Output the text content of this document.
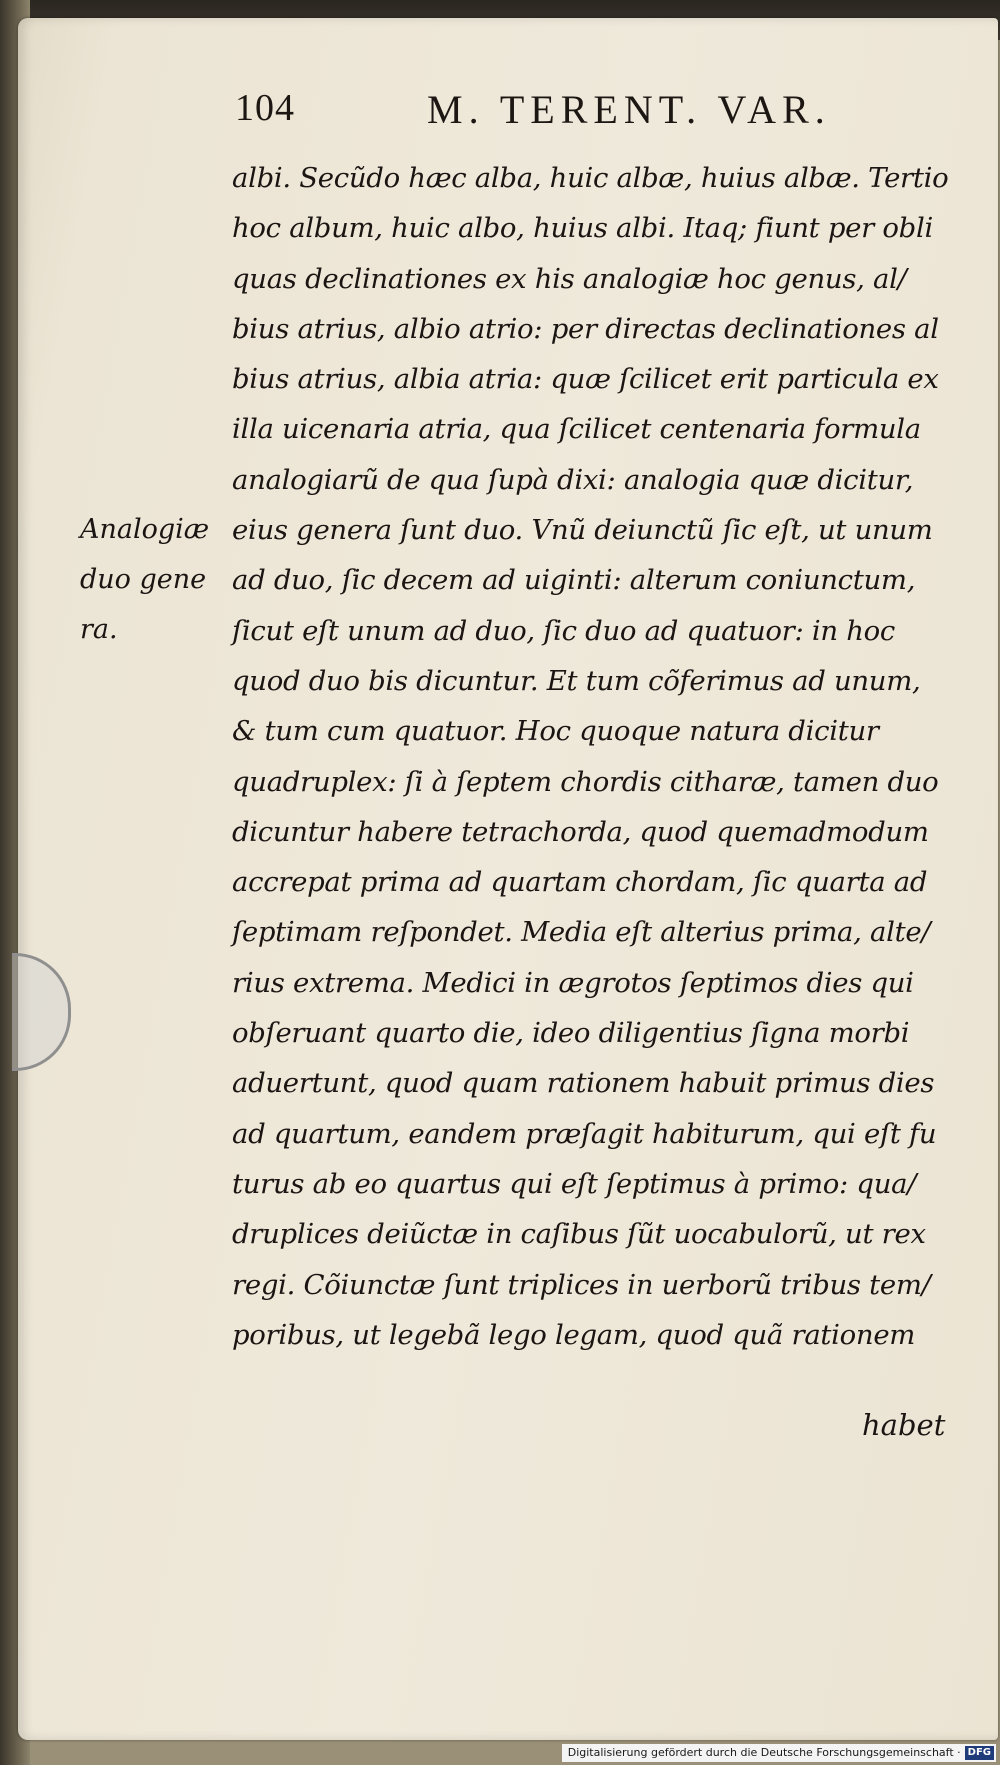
104	M. TERENT. VAR.
Analogiæ
duo gene
ra.
albi. Secũdo hæc alba, huic albæ, huius albæ. Tertio
hoc album, huic albo, huius albi. Itaq; fiunt per obli
quas declinationes ex his analogiæ hoc genus, al/
bius atrius, albio atrio: per directas declinationes al
bius atrius, albia atria: quæ ſcilicet erit particula ex
illa uicenaria atria, qua ſcilicet centenaria formula
analogiarũ de qua ſupà dixi: analogia quæ dicitur,
eius genera ſunt duo. Vnũ deiunctũ ſic eſt, ut unum
ad duo, ſic decem ad uiginti: alterum coniunctum,
ſicut eſt unum ad duo, ſic duo ad quatuor: in hoc
quod duo bis dicuntur. Et tum cõferimus ad unum,
& tum cum quatuor. Hoc quoque natura dicitur
quadruplex: ſi à ſeptem chordis citharæ, tamen duo
dicuntur habere tetrachorda, quod quemadmodum
accrepat prima ad quartam chordam, ſic quarta ad
ſeptimam reſpondet. Media eſt alterius prima, alte/
rius extrema. Medici in ægrotos ſeptimos dies qui
obſeruant quarto die, ideo diligentius ſigna morbi
aduertunt, quod quam rationem habuit primus dies
ad quartum, eandem præſagit habiturum, qui eſt fu
turus ab eo quartus qui eſt ſeptimus à primo: qua/
druplices deiũctæ in caſibus ſũt uocabulorũ, ut rex
regi. Cõiunctæ ſunt triplices in uerborũ tribus tem/
poribus, ut legebã lego legam, quod quã rationem
habet
Digitalisierung gefördert durch die Deutsche Forschungsgemeinschaft · DFG
